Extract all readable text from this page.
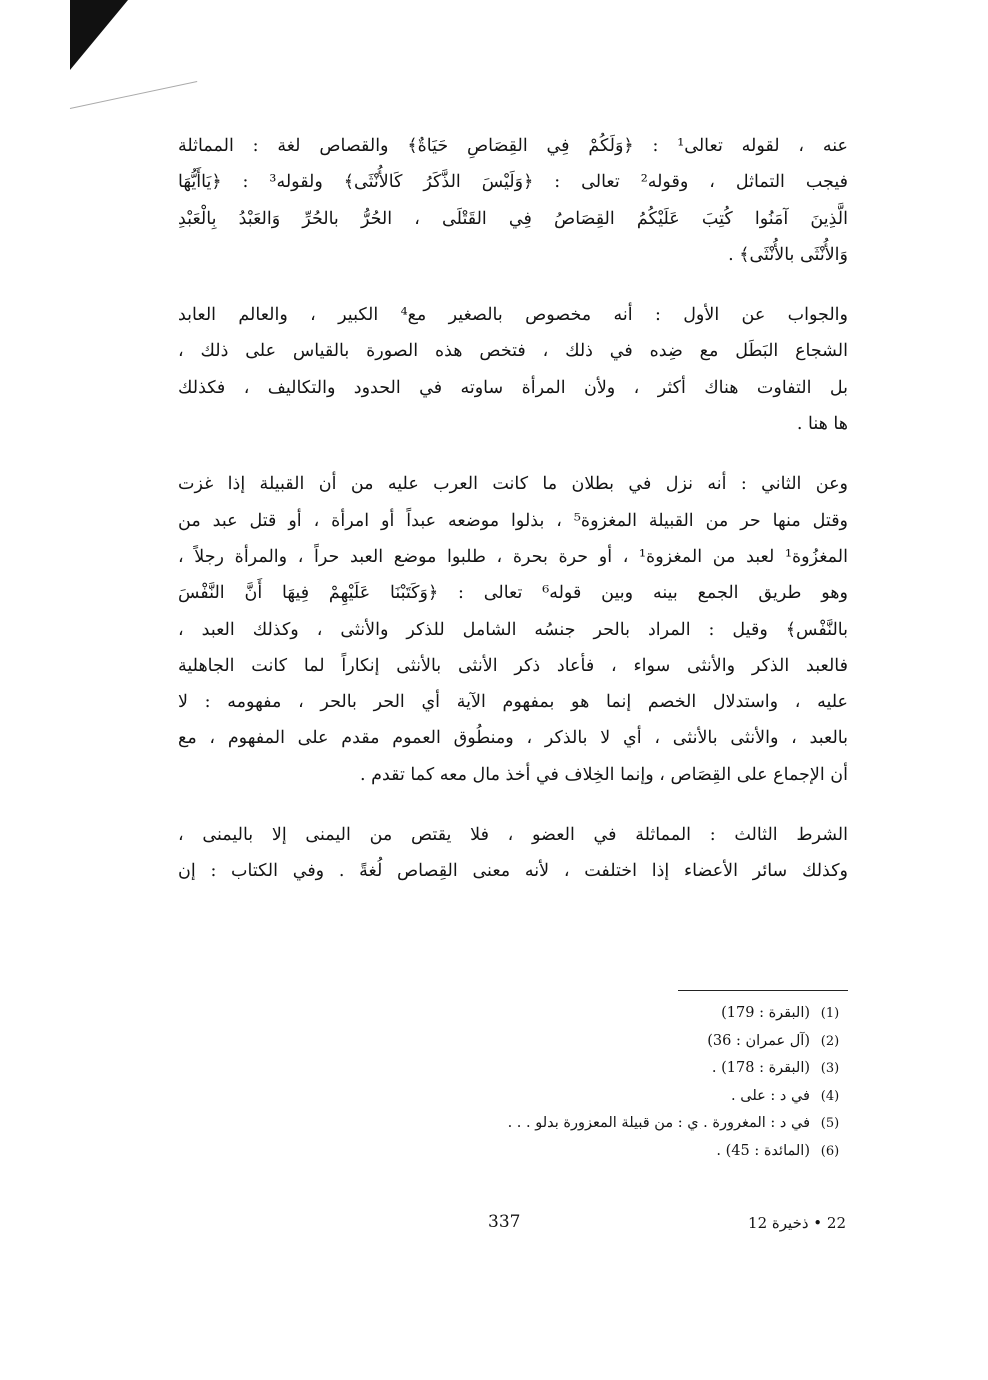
عنه ، لقوله تعالى¹ : ﴿وَلَكُمْ فِي القِصَاصِ حَيَاةٌ﴾ والقصاص لغة : المماثلة
فيجب التماثل ، وقوله² تعالى : ﴿وَلَيْسَ الذَّكَرُ كَالأُنْثَى﴾ ولقوله³ : ﴿يَاأَيُّهَا
الَّذِينَ آمَنُوا كُتِبَ عَلَيْكُمُ القِصَاصُ فِي القَتْلَى ، الحُرُّ بالحُرِّ وَالعَبْدُ بِالْعَبْدِ
وَالأُنْثَى بالأُنْثَى﴾ .

والجواب عن الأول : أنه مخصوص بالصغير مع⁴ الكبير ، والعالم العابد
الشجاع البَطَل مع ضِده في ذلك ، فتخص هذه الصورة بالقياس على ذلك ،
بل التفاوت هناك أكثر ، ولأن المرأة ساوته في الحدود والتكاليف ، فكذلك
ها هنا .

وعن الثاني : أنه نزل في بطلان ما كانت العرب عليه من أن القبيلة إذا غزت
وقتل منها حر من القبيلة المغزوة⁵ ، بذلوا موضعه عبداً أو امرأة ، أو قتل عبد من
المغزُوة¹ لعبد من المغزوة¹ ، أو حرة بحرة ، طلبوا موضع العبد حراً ، والمرأة رجلاً ،
وهو طريق الجمع بينه وبين قوله⁶ تعالى : ﴿وَكَتَبْنَا عَلَيْهِمْ فِيهَا أَنَّ النَّفْسَ
بالنَّفْس﴾ وقيل : المراد بالحر جنسُه الشامل للذكر والأنثى ، وكذلك العبد ،
فالعبد الذكر والأنثى سواء ، فأعاد ذكر الأنثى بالأنثى إنكاراً لما كانت الجاهلية
عليه ، واستدلال الخصم إنما هو بمفهوم الآية أي الحر بالحر ، مفهومه : لا
بالعبد ، والأنثى بالأنثى ، أي لا بالذكر ، ومنطُوق العموم مقدم على المفهوم ، مع
أن الإجماع على القِصَاص ، وإنما الخِلاف في أخذ مال معه كما تقدم .

الشرط الثالث : المماثلة في العضو ، فلا يقتص من اليمنى إلا باليمنى ،
وكذلك سائر الأعضاء إذا اختلفت ، لأنه معنى القِصاص لُغةً . وفي الكتاب : إن

(1)
(البقرة : 179)
(2)
(آل عمران : 36)
(3)
(البقرة : 178) .
(4)
في د : على .
(5)
في د : المغرورة . ي : من قبيلة المعزورة بدلو . . .
(6)
(المائدة : 45) .
337	22 • ذخيرة 12
